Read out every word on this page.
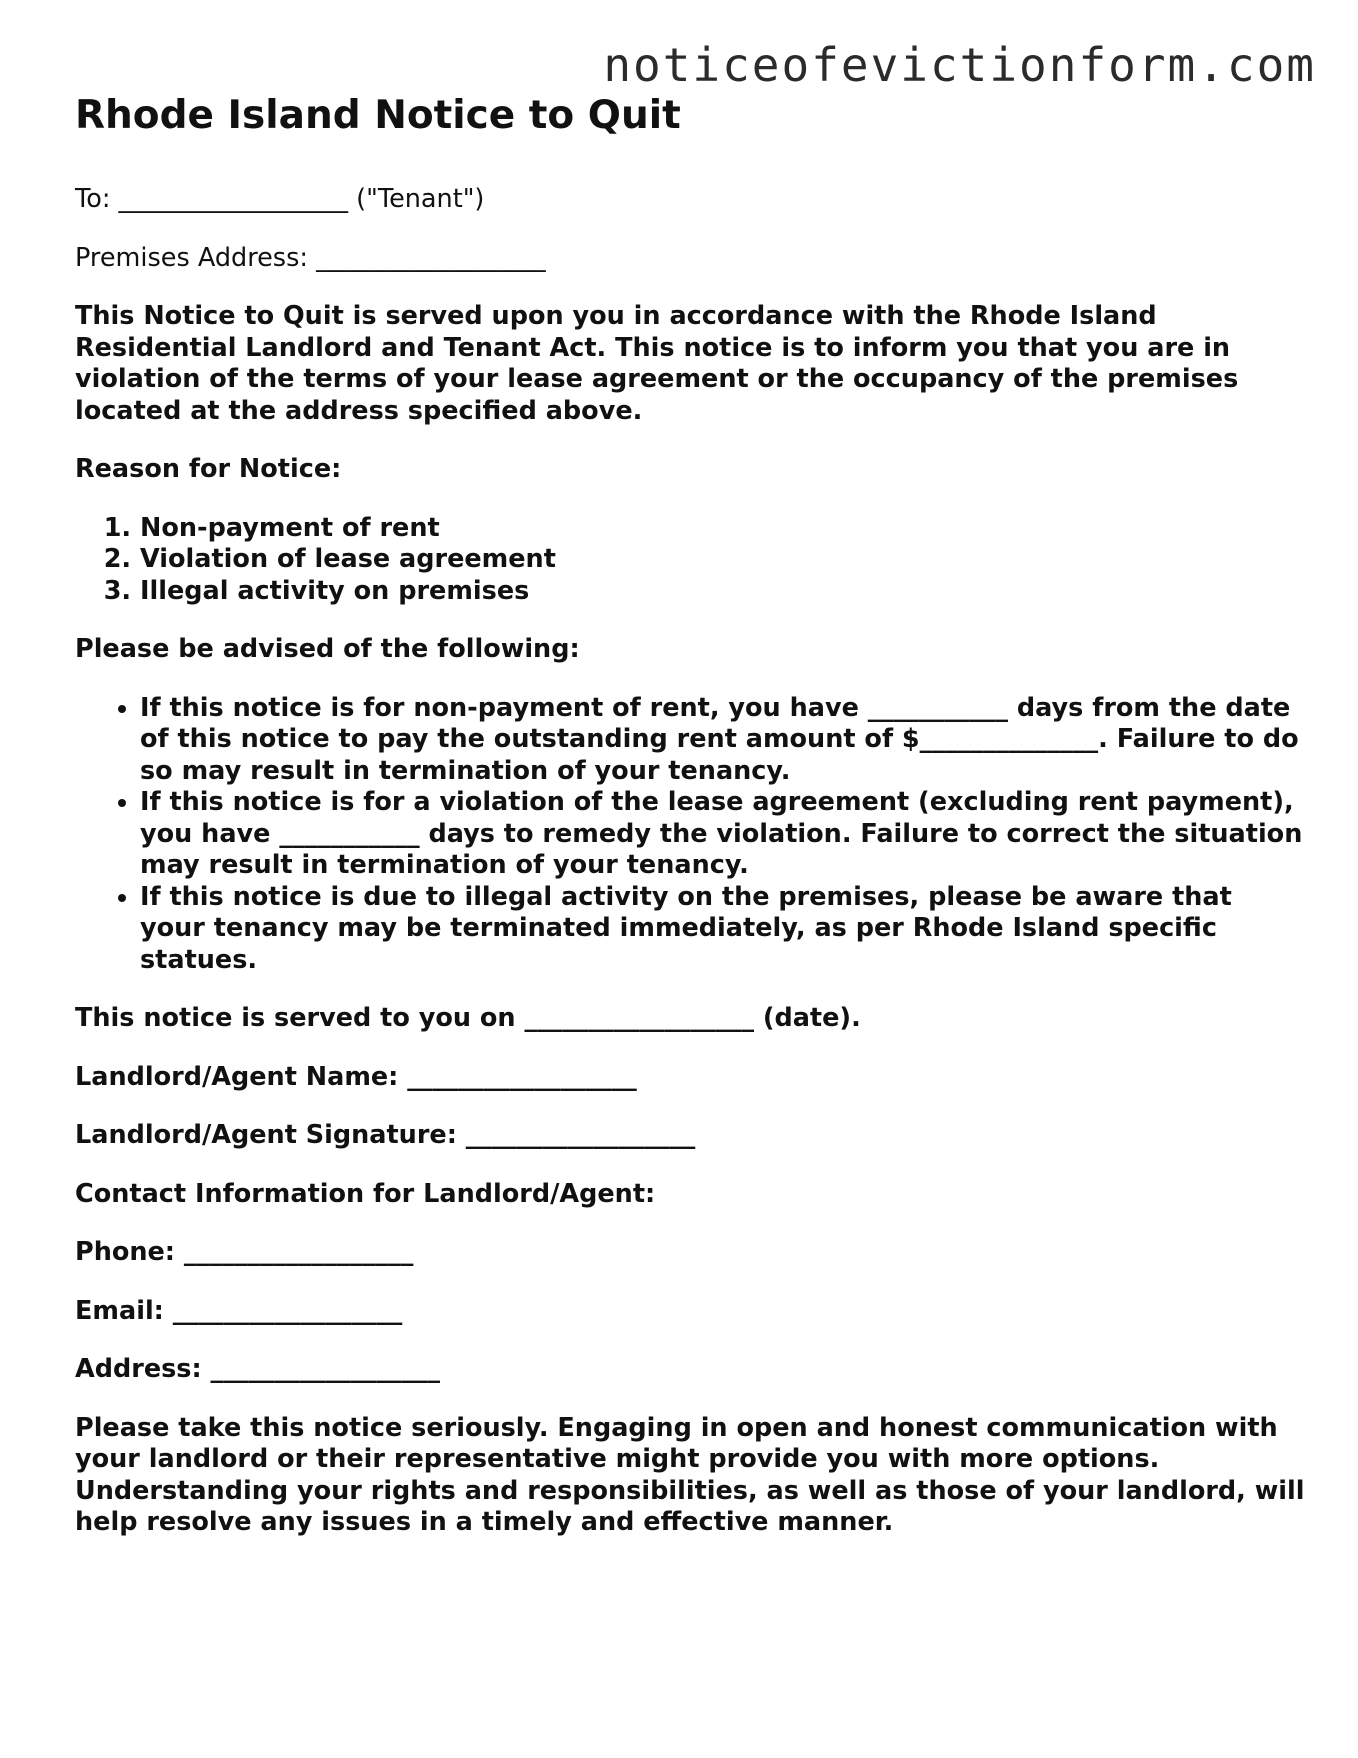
noticeofevictionform.com
Rhode Island Notice to Quit

To: __________________ ("Tenant")

Premises Address: __________________

This Notice to Quit is served upon you in accordance with the Rhode Island Residential Landlord and Tenant Act. This notice is to inform you that you are in violation of the terms of your lease agreement or the occupancy of the premises located at the address specified above.

Reason for Notice:

1. Non-payment of rent
2. Violation of lease agreement
3. Illegal activity on premises

Please be advised of the following:

• If this notice is for non-payment of rent, you have ___________ days from the date of this notice to pay the outstanding rent amount of $______________. Failure to do so may result in termination of your tenancy.
• If this notice is for a violation of the lease agreement (excluding rent payment), you have ___________ days to remedy the violation. Failure to correct the situation may result in termination of your tenancy.
• If this notice is due to illegal activity on the premises, please be aware that your tenancy may be terminated immediately, as per Rhode Island specific statues.

This notice is served to you on __________________ (date).

Landlord/Agent Name: __________________

Landlord/Agent Signature: __________________

Contact Information for Landlord/Agent:

Phone: __________________

Email: __________________

Address: __________________

Please take this notice seriously. Engaging in open and honest communication with your landlord or their representative might provide you with more options. Understanding your rights and responsibilities, as well as those of your landlord, will help resolve any issues in a timely and effective manner.
